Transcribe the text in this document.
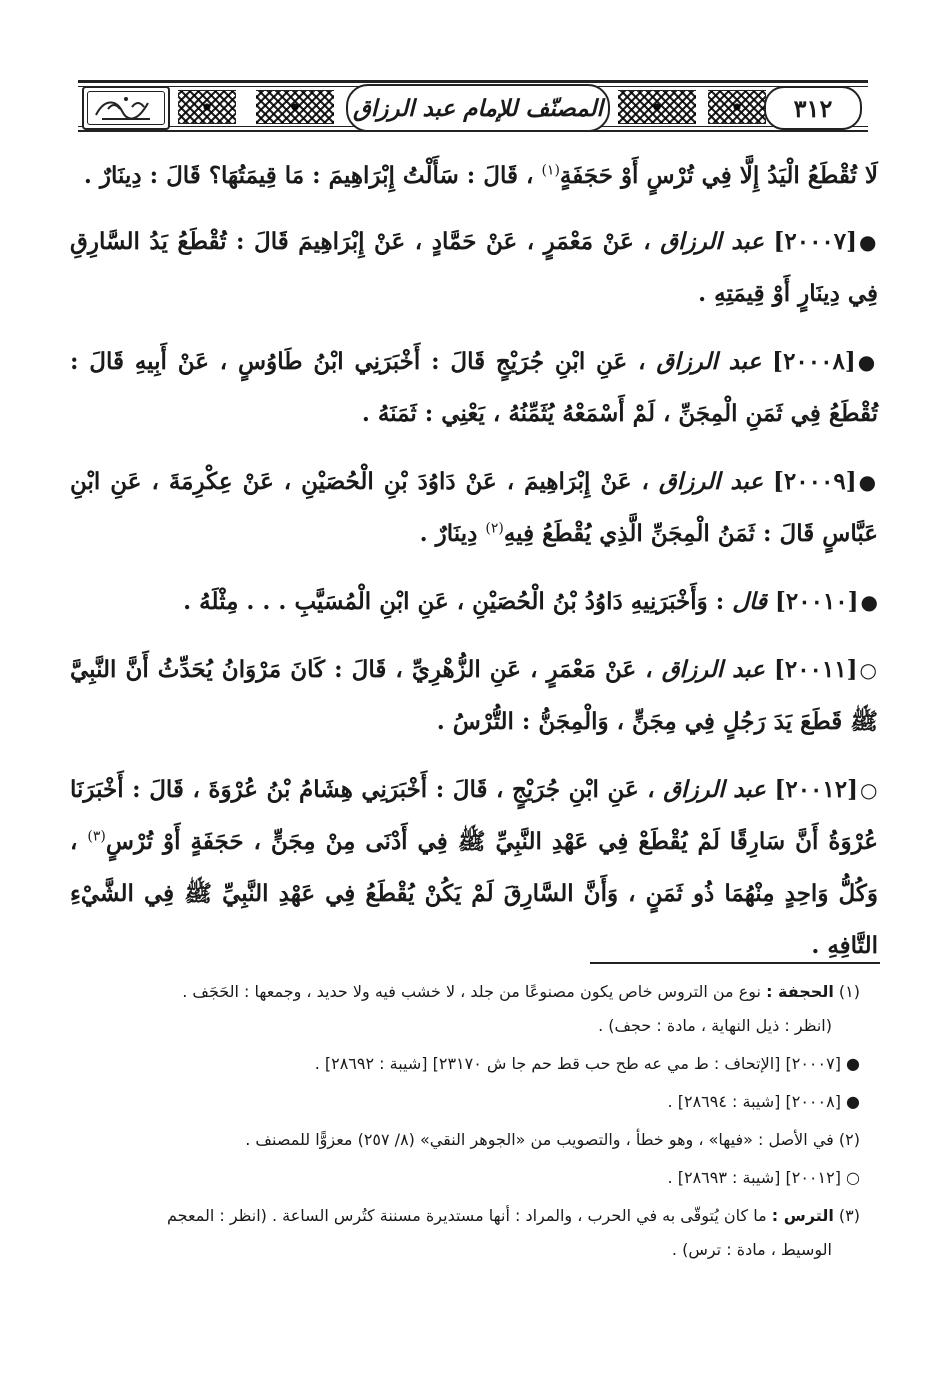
المصنّف للإمام عبد الرزاق	٣١٢

لَا تُقْطَعُ الْيَدُ إِلَّا فِي تُرْسٍ أَوْ حَجَفَةٍ$^{(١)}$ ، قَالَ : سَأَلْتُ إِبْرَاهِيمَ : مَا قِيمَتُهَا؟ قَالَ : دِينَارٌ .

●[٢٠٠٠٧] عبد الرزاق ، عَنْ مَعْمَرٍ ، عَنْ حَمَّادٍ ، عَنْ إِبْرَاهِيمَ قَالَ : تُقْطَعُ يَدُ السَّارِقِ فِي دِينَارٍ أَوْ قِيمَتِهِ .

●[٢٠٠٠٨] عبد الرزاق ، عَنِ ابْنِ جُرَيْجٍ قَالَ : أَخْبَرَنِي ابْنُ طَاوُسٍ ، عَنْ أَبِيهِ قَالَ : تُقْطَعُ فِي ثَمَنِ الْمِجَنِّ ، لَمْ أَسْمَعْهُ يُثَمِّنُهُ ، يَعْنِي : ثَمَنَهُ .

●[٢٠٠٠٩] عبد الرزاق ، عَنْ إِبْرَاهِيمَ ، عَنْ دَاوُدَ بْنِ الْحُصَيْنِ ، عَنْ عِكْرِمَةَ ، عَنِ ابْنِ عَبَّاسٍ قَالَ : ثَمَنُ الْمِجَنِّ الَّذِي يُقْطَعُ فِيهِ$^{(٢)}$ دِينَارٌ .

●[٢٠٠١٠] قال : وَأَخْبَرَنِيهِ دَاوُدُ بْنُ الْحُصَيْنِ ، عَنِ ابْنِ الْمُسَيَّبِ . . . مِثْلَهُ .

○[٢٠٠١١] عبد الرزاق ، عَنْ مَعْمَرٍ ، عَنِ الزُّهْرِيِّ ، قَالَ : كَانَ مَرْوَانُ يُحَدِّثُ أَنَّ النَّبِيَّ ﷺ قَطَعَ يَدَ رَجُلٍ فِي مِجَنٍّ ، وَالْمِجَنُّ : التُّرْسُ .

○[٢٠٠١٢] عبد الرزاق ، عَنِ ابْنِ جُرَيْجٍ ، قَالَ : أَخْبَرَنِي هِشَامُ بْنُ عُرْوَةَ ، قَالَ : أَخْبَرَنَا عُرْوَةُ أَنَّ سَارِقًا لَمْ يُقْطَعْ فِي عَهْدِ النَّبِيِّ ﷺ فِي أَدْنَى مِنْ مِجَنٍّ ، حَجَفَةٍ أَوْ تُرْسٍ$^{(٣)}$ ، وَكُلُّ وَاحِدٍ مِنْهُمَا ذُو ثَمَنٍ ، وَأَنَّ السَّارِقَ لَمْ يَكُنْ يُقْطَعُ فِي عَهْدِ النَّبِيِّ ﷺ فِي الشَّيْءِ التَّافِهِ .

(١) الحجفة : نوع من التروس خاص يكون مصنوعًا من جلد ، لا خشب فيه ولا حديد ، وجمعها : الحَجَف .
(انظر : ذيل النهاية ، مادة : حجف) .

● [٢٠٠٠٧] [الإتحاف : ط مي عه طح حب قط حم جا ش ٢٣١٧٠] [شيبة : ٢٨٦٩٢] .

● [٢٠٠٠٨] [شيبة : ٢٨٦٩٤] .

(٢) في الأصل : «فيها» ، وهو خطأ ، والتصويب من «الجوهر النقي» (٨/ ٢٥٧) معزوًّا للمصنف .

○ [٢٠٠١٢] [شيبة : ٢٨٦٩٣] .

(٣) الترس : ما كان يُتوقّى به في الحرب ، والمراد : أنها مستديرة مسننة كتُرس الساعة . (انظر : المعجم
الوسيط ، مادة : ترس) .
